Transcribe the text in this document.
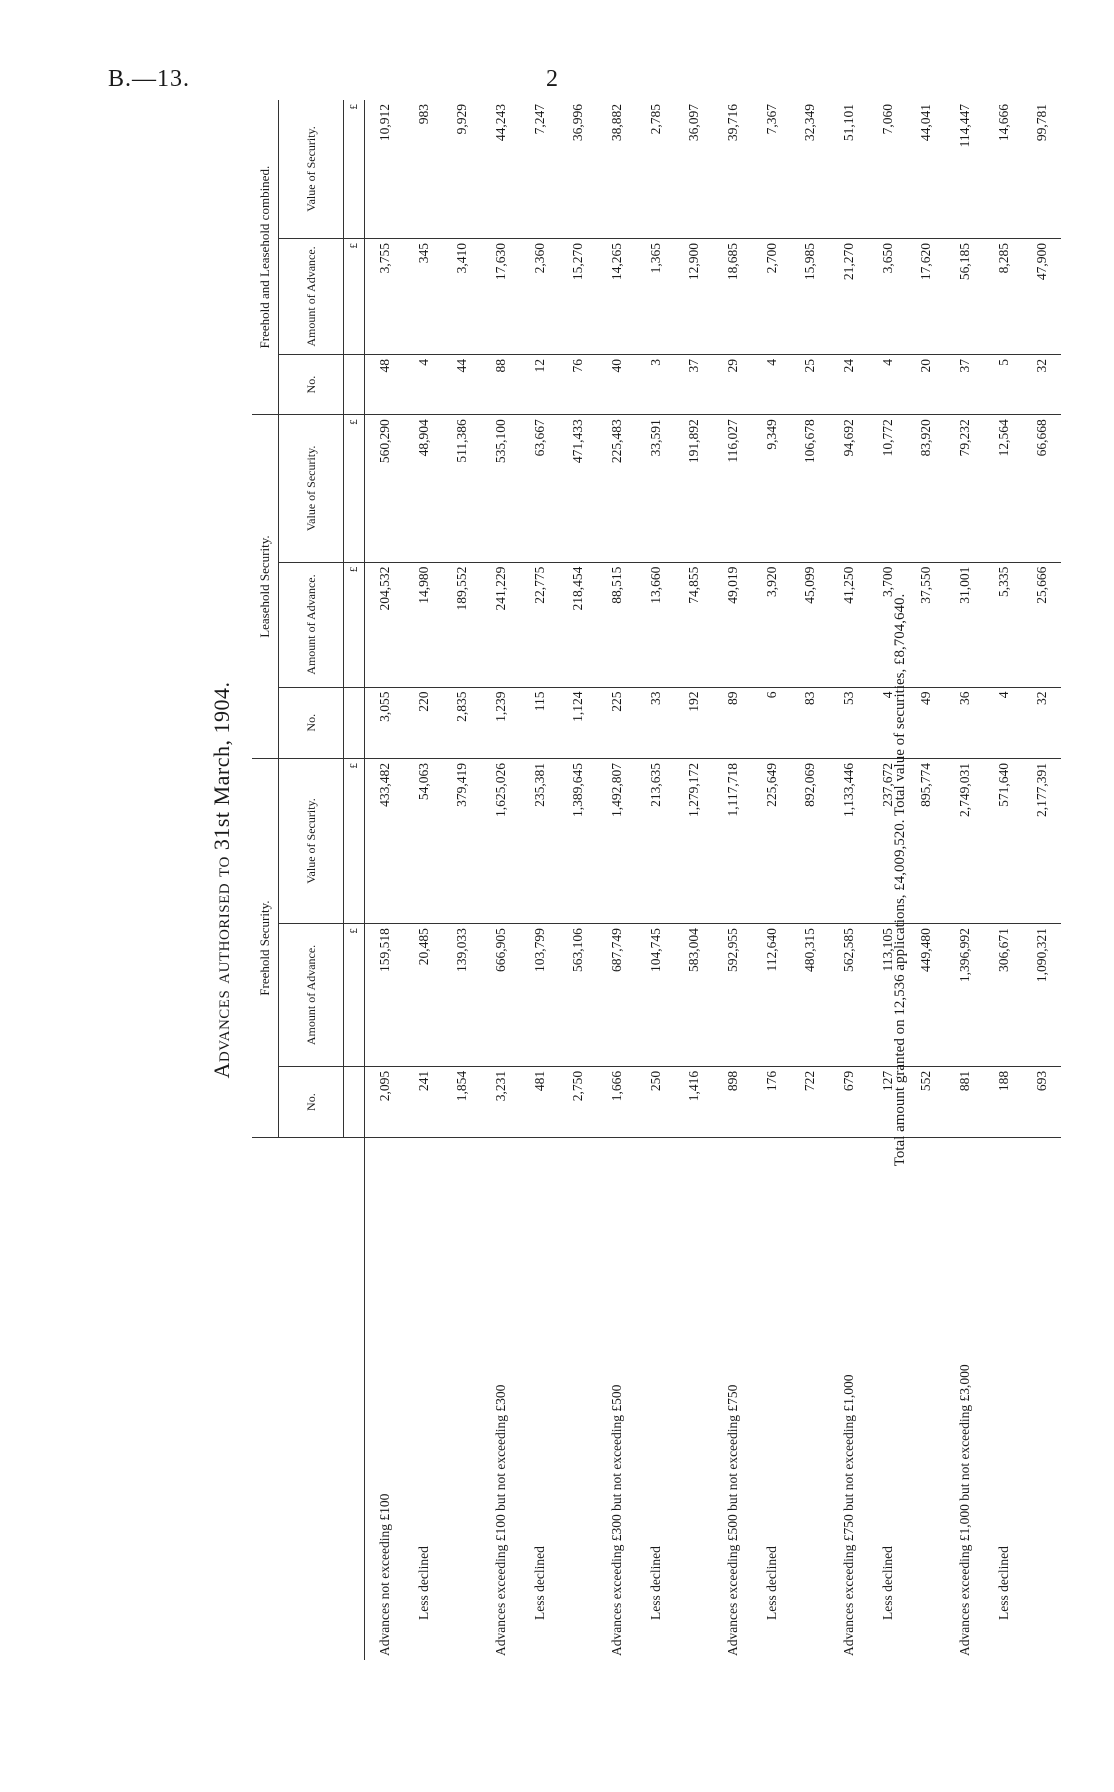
B.—13.	2
Advances authorised to 31st March, 1904.
	Freehold Security.			Leasehold Security.			Freehold and Leasehold combined.		
	No.	Amount of Advance.	Value of Security.	No.	Amount of Advance.	Value of Security.	No.	Amount of Advance.	Value of Security.
		£	£		£	£		£	£
Advances not exceeding £100	2,095	159,518	433,482	3,055	204,532	560,290	48	3,755	10,912
Less declined	241	20,485	54,063	220	14,980	48,904	4	345	983
	1,854	139,033	379,419	2,835	189,552	511,386	44	3,410	9,929
Advances exceeding £100 but not exceeding £300	3,231	666,905	1,625,026	1,239	241,229	535,100	88	17,630	44,243
Less declined	481	103,799	235,381	115	22,775	63,667	12	2,360	7,247
	2,750	563,106	1,389,645	1,124	218,454	471,433	76	15,270	36,996
Advances exceeding £300 but not exceeding £500	1,666	687,749	1,492,807	225	88,515	225,483	40	14,265	38,882
Less declined	250	104,745	213,635	33	13,660	33,591	3	1,365	2,785
	1,416	583,004	1,279,172	192	74,855	191,892	37	12,900	36,097
Advances exceeding £500 but not exceeding £750	898	592,955	1,117,718	89	49,019	116,027	29	18,685	39,716
Less declined	176	112,640	225,649	6	3,920	9,349	4	2,700	7,367
	722	480,315	892,069	83	45,099	106,678	25	15,985	32,349
Advances exceeding £750 but not exceeding £1,000	679	562,585	1,133,446	53	41,250	94,692	24	21,270	51,101
Less declined	127	113,105	237,672	4	3,700	10,772	4	3,650	7,060
	552	449,480	895,774	49	37,550	83,920	20	17,620	44,041
Advances exceeding £1,000 but not exceeding £3,000	881	1,396,992	2,749,031	36	31,001	79,232	37	56,185	114,447
Less declined	188	306,671	571,640	4	5,335	12,564	5	8,285	14,666
	693	1,090,321	2,177,391	32	25,666	66,668	32	47,900	99,781
Total amount granted on 12,536 applications, £4,009,520. Total value of securities, £8,704,640.
